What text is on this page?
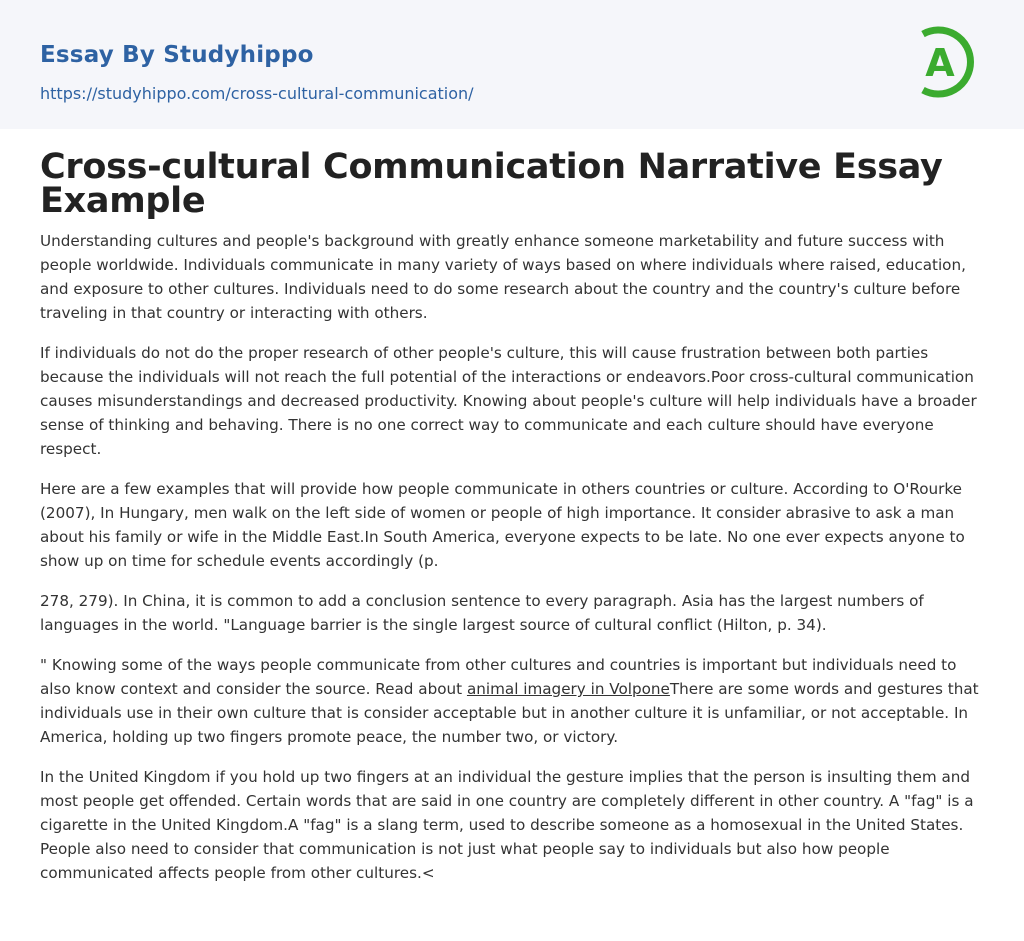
Essay By Studyhippo
https://studyhippo.com/cross-cultural-communication/
A
Cross-cultural Communication Narrative Essay Example

Understanding cultures and people's background with greatly enhance someone marketability and future success with people worldwide. Individuals communicate in many variety of ways based on where individuals where raised, education, and exposure to other cultures. Individuals need to do some research about the country and the country's culture before traveling in that country or interacting with others.

If individuals do not do the proper research of other people's culture, this will cause frustration between both parties because the individuals will not reach the full potential of the interactions or endeavors.Poor cross-cultural communication causes misunderstandings and decreased productivity. Knowing about people's culture will help individuals have a broader sense of thinking and behaving. There is no one correct way to communicate and each culture should have everyone respect.

Here are a few examples that will provide how people communicate in others countries or culture. According to O'Rourke (2007), In Hungary, men walk on the left side of women or people of high importance. It consider abrasive to ask a man about his family or wife in the Middle East.In South America, everyone expects to be late. No one ever expects anyone to show up on time for schedule events accordingly (p.

278, 279). In China, it is common to add a conclusion sentence to every paragraph. Asia has the largest numbers of languages in the world. "Language barrier is the single largest source of cultural conflict (Hilton, p. 34).

" Knowing some of the ways people communicate from other cultures and countries is important but individuals need to also know context and consider the source. Read about animal imagery in VolponeThere are some words and gestures that individuals use in their own culture that is consider acceptable but in another culture it is unfamiliar, or not acceptable. In America, holding up two fingers promote peace, the number two, or victory.

In the United Kingdom if you hold up two fingers at an individual the gesture implies that the person is insulting them and most people get offended. Certain words that are said in one country are completely different in other country. A "fag" is a cigarette in the United Kingdom.A "fag" is a slang term, used to describe someone as a homosexual in the United States. People also need to consider that communication is not just what people say to individuals but also how people communicated affects people from other cultures.<
